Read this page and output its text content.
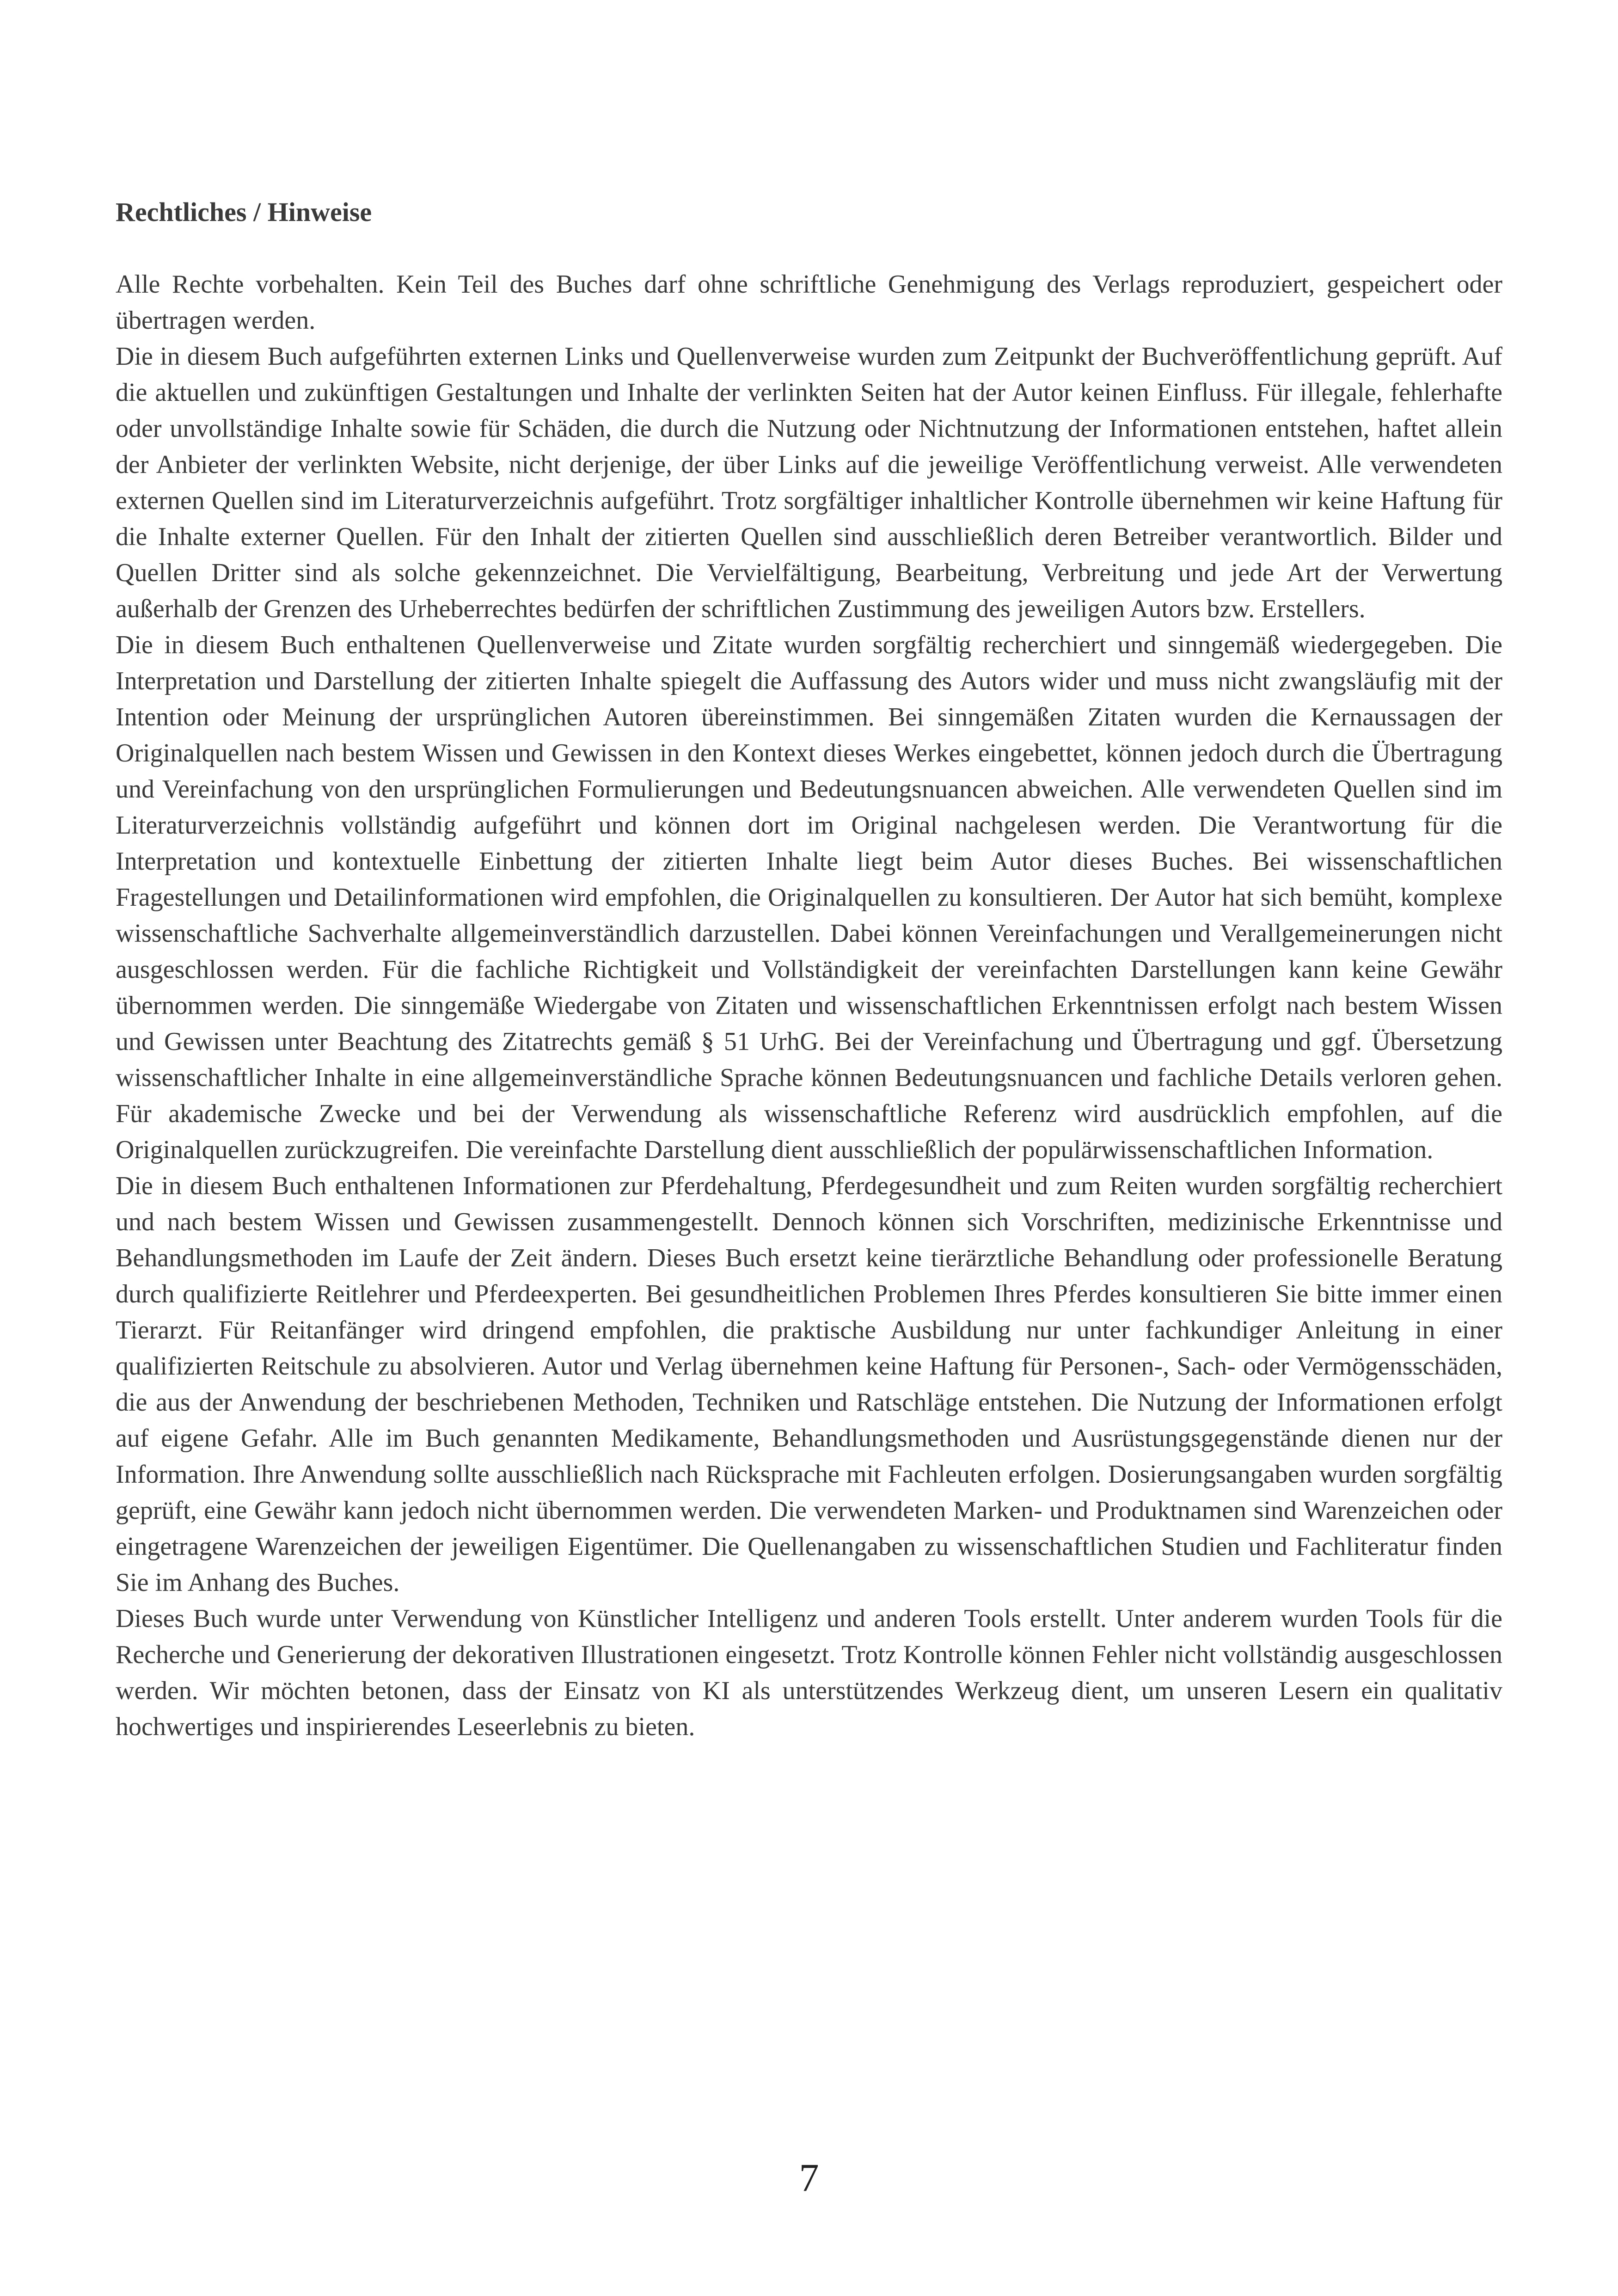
Rechtliches / Hinweise

Alle Rechte vorbehalten. Kein Teil des Buches darf ohne schriftliche Genehmigung des Verlags reproduziert, gespeichert oder übertragen werden.

Die in diesem Buch aufgeführten externen Links und Quellenverweise wurden zum Zeitpunkt der Buchveröffentlichung geprüft. Auf die aktuellen und zukünftigen Gestaltungen und Inhalte der verlinkten Seiten hat der Autor keinen Einfluss. Für illegale, fehlerhafte oder unvollständige Inhalte sowie für Schäden, die durch die Nutzung oder Nichtnutzung der Informationen entstehen, haftet allein der Anbieter der verlinkten Website, nicht derjenige, der über Links auf die jeweilige Veröffentlichung verweist. Alle verwendeten externen Quellen sind im Literaturverzeichnis aufgeführt. Trotz sorgfältiger inhaltlicher Kontrolle übernehmen wir keine Haftung für die Inhalte externer Quellen. Für den Inhalt der zitierten Quellen sind ausschließlich deren Betreiber verantwortlich. Bilder und Quellen Dritter sind als solche gekennzeichnet. Die Vervielfältigung, Bearbeitung, Verbreitung und jede Art der Verwertung außerhalb der Grenzen des Urheberrechtes bedürfen der schriftlichen Zustimmung des jeweiligen Autors bzw. Erstellers.

Die in diesem Buch enthaltenen Quellenverweise und Zitate wurden sorgfältig recherchiert und sinngemäß wiedergegeben. Die Interpretation und Darstellung der zitierten Inhalte spiegelt die Auffassung des Autors wider und muss nicht zwangsläufig mit der Intention oder Meinung der ursprünglichen Autoren übereinstimmen. Bei sinngemäßen Zitaten wurden die Kernaussagen der Originalquellen nach bestem Wissen und Gewissen in den Kontext dieses Werkes eingebettet, können jedoch durch die Übertragung und Vereinfachung von den ursprünglichen Formulierungen und Bedeutungsnuancen abweichen. Alle verwendeten Quellen sind im Literaturverzeichnis vollständig aufgeführt und können dort im Original nachgelesen werden. Die Verantwortung für die Interpretation und kontextuelle Einbettung der zitierten Inhalte liegt beim Autor dieses Buches. Bei wissenschaftlichen Fragestellungen und Detailinformationen wird empfohlen, die Originalquellen zu konsultieren. Der Autor hat sich bemüht, komplexe wissenschaftliche Sachverhalte allgemeinverständlich darzustellen. Dabei können Vereinfachungen und Verallgemeinerungen nicht ausgeschlossen werden. Für die fachliche Richtigkeit und Vollständigkeit der vereinfachten Darstellungen kann keine Gewähr übernommen werden. Die sinngemäße Wiedergabe von Zitaten und wissenschaftlichen Erkenntnissen erfolgt nach bestem Wissen und Gewissen unter Beachtung des Zitatrechts gemäß § 51 UrhG. Bei der Vereinfachung und Übertragung und ggf. Übersetzung wissenschaftlicher Inhalte in eine allgemeinverständliche Sprache können Bedeutungsnuancen und fachliche Details verloren gehen. Für akademische Zwecke und bei der Verwendung als wissenschaftliche Referenz wird ausdrücklich empfohlen, auf die Originalquellen zurückzugreifen. Die vereinfachte Darstellung dient ausschließlich der populärwissenschaftlichen Information.

Die in diesem Buch enthaltenen Informationen zur Pferdehaltung, Pferdegesundheit und zum Reiten wurden sorgfältig recherchiert und nach bestem Wissen und Gewissen zusammengestellt. Dennoch können sich Vorschriften, medizinische Erkenntnisse und Behandlungsmethoden im Laufe der Zeit ändern. Dieses Buch ersetzt keine tierärztliche Behandlung oder professionelle Beratung durch qualifizierte Reitlehrer und Pferdeexperten. Bei gesundheitlichen Problemen Ihres Pferdes konsultieren Sie bitte immer einen Tierarzt. Für Reitanfänger wird dringend empfohlen, die praktische Ausbildung nur unter fachkundiger Anleitung in einer qualifizierten Reitschule zu absolvieren. Autor und Verlag übernehmen keine Haftung für Personen-, Sach- oder Vermögensschäden, die aus der Anwendung der beschriebenen Methoden, Techniken und Ratschläge entstehen. Die Nutzung der Informationen erfolgt auf eigene Gefahr. Alle im Buch genannten Medikamente, Behandlungsmethoden und Ausrüstungsgegenstände dienen nur der Information. Ihre Anwendung sollte ausschließlich nach Rücksprache mit Fachleuten erfolgen. Dosierungsangaben wurden sorgfältig geprüft, eine Gewähr kann jedoch nicht übernommen werden. Die verwendeten Marken- und Produktnamen sind Warenzeichen oder eingetragene Warenzeichen der jeweiligen Eigentümer. Die Quellenangaben zu wissenschaftlichen Studien und Fachliteratur finden Sie im Anhang des Buches.

Dieses Buch wurde unter Verwendung von Künstlicher Intelligenz und anderen Tools erstellt. Unter anderem wurden Tools für die Recherche und Generierung der dekorativen Illustrationen eingesetzt. Trotz Kontrolle können Fehler nicht vollständig ausgeschlossen werden. Wir möchten betonen, dass der Einsatz von KI als unterstützendes Werkzeug dient, um unseren Lesern ein qualitativ hochwertiges und inspirierendes Leseerlebnis zu bieten.

7
